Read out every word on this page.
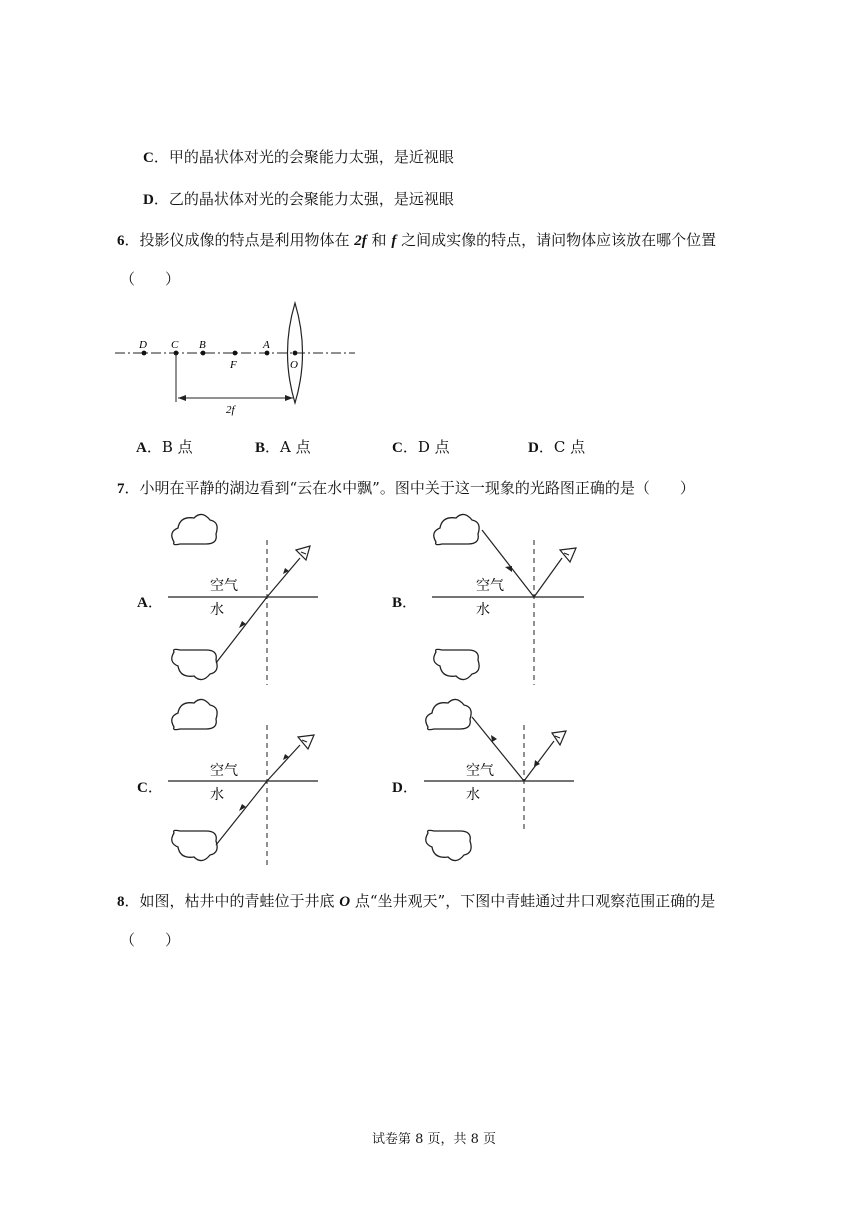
C．甲的晶状体对光的会聚能力太强，是近视眼
D．乙的晶状体对光的会聚能力太强，是远视眼
6．投影仪成像的特点是利用物体在 2f 和 f 之间成实像的特点，请问物体应该放在哪个位置
（　　）
D C B	A
F	O
2f
A．B 点	B．A 点	C．D 点	D．C 点
7．小明在平静的湖边看到“云在水中飘”。图中关于这一现象的光路图正确的是（　　）
A．
空气
水	B．
空气
水
C．
空气
水	D．
空气
水
8．如图，枯井中的青蛙位于井底 O 点“坐井观天”，下图中青蛙通过井口观察范围正确的是
（　　）
试卷第 8 页，共 8 页
